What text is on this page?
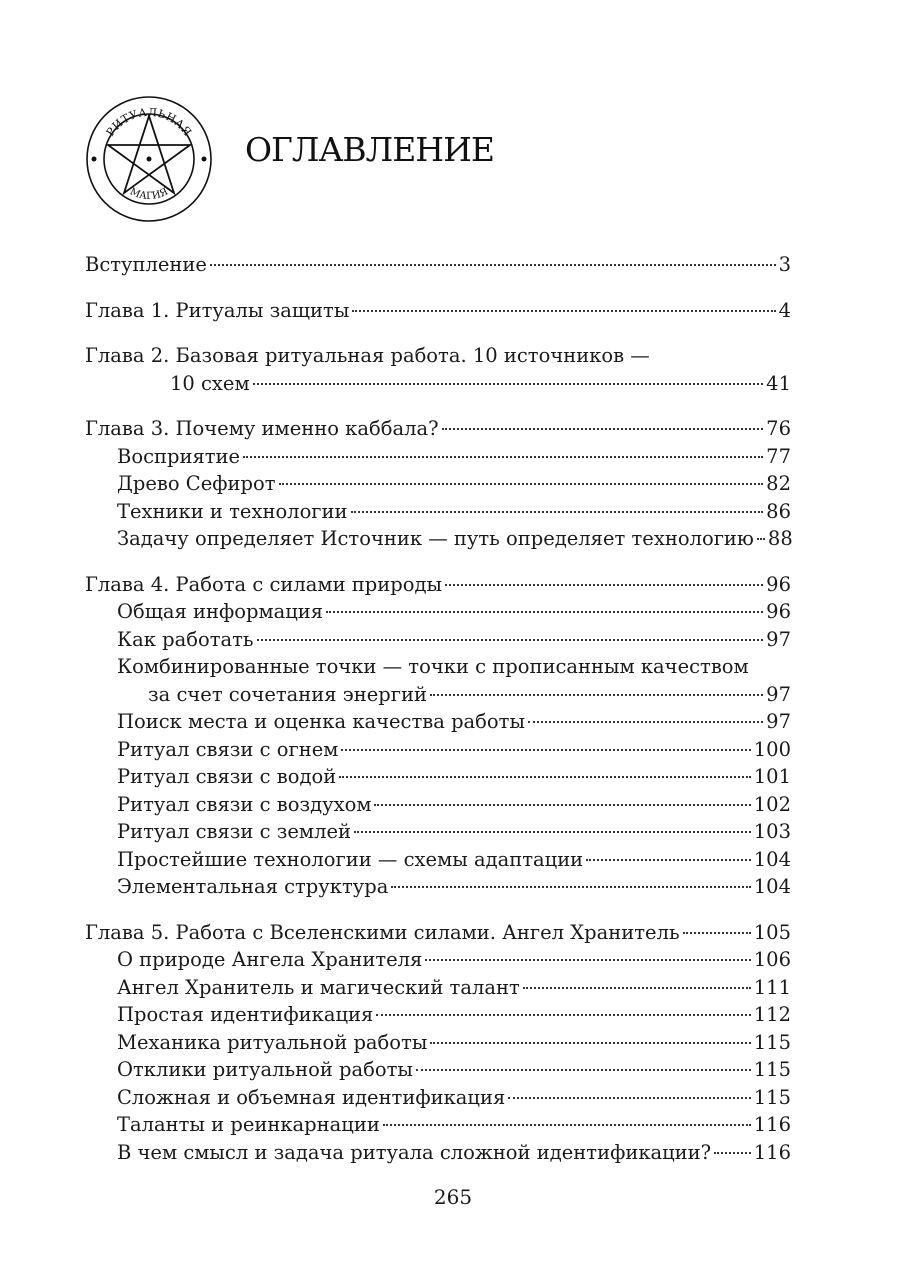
РИТУАЛЬНАЯ
МАГИЯ
ОГЛАВЛЕНИЕ
Вступление	3
Глава 1. Ритуалы защиты	4
Глава 2. Базовая ритуальная работа. 10 источников —
10 схем	41
Глава 3. Почему именно каббала?	76
Восприятие	77
Древо Сефирот	82
Техники и технологии	86
Задачу определяет Источник — путь определяет технологию 88
Глава 4. Работа с силами природы	96
Общая информация	96
Как работать	97
Комбинированные точки — точки с прописанным качеством
за счет сочетания энергий	97
Поиск места и оценка качества работы	97
Ритуал связи с огнем	100
Ритуал связи с водой	101
Ритуал связи с воздухом	102
Ритуал связи с землей	103
Простейшие технологии — схемы адаптации	104
Элементальная структура	104
Глава 5. Работа с Вселенскими силами. Ангел Хранитель	105
О природе Ангела Хранителя	106
Ангел Хранитель и магический талант	111
Простая идентификация	112
Механика ритуальной работы	115
Отклики ритуальной работы	115
Сложная и объемная идентификация	115
Таланты и реинкарнации	116
В чем смысл и задача ритуала сложной идентификации? 116
265
